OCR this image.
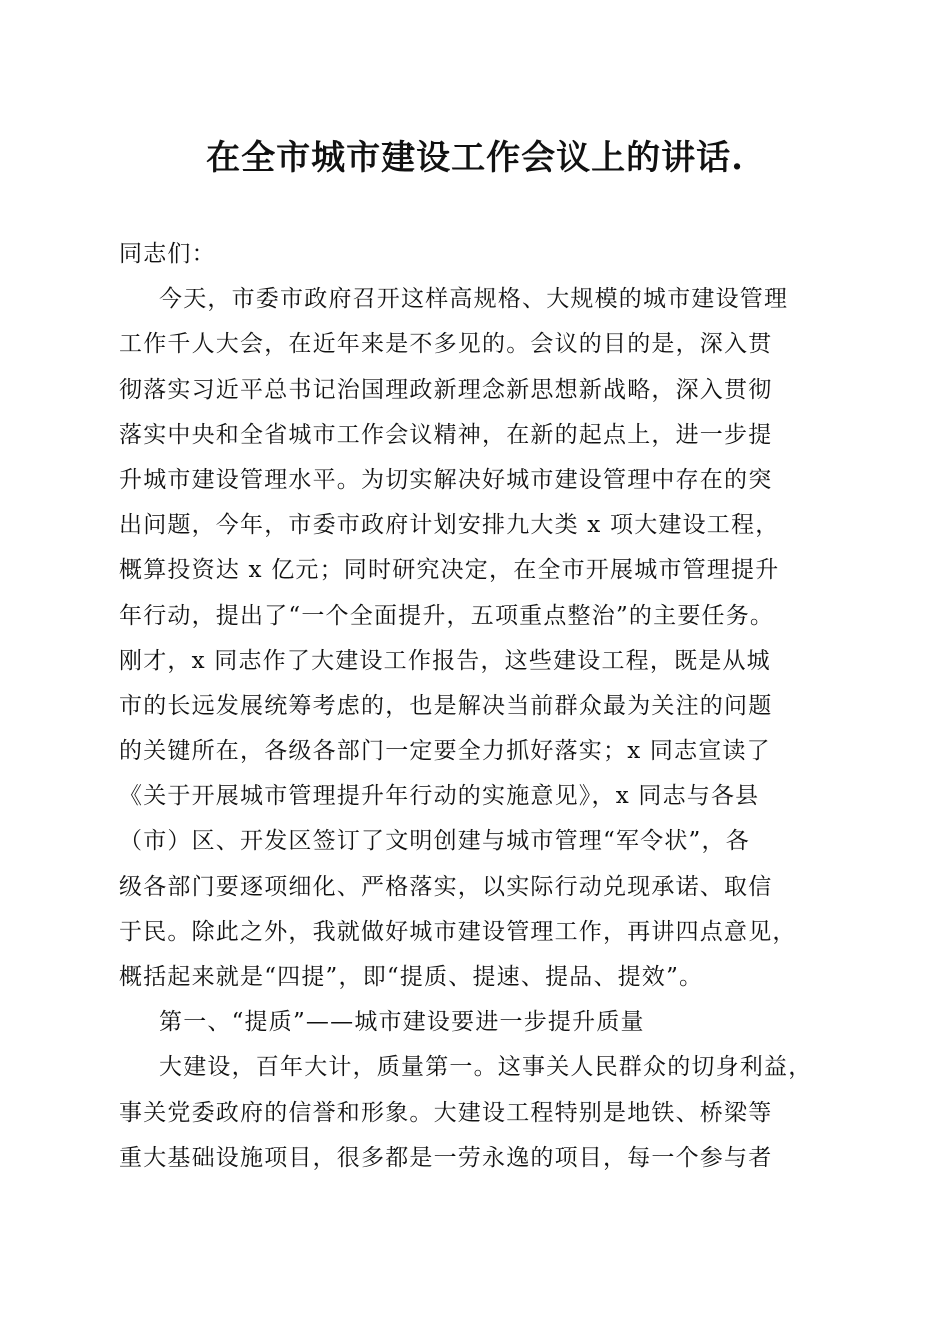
在全市城市建设工作会议上的讲话.
同志们：
今天，市委市政府召开这样高规格、大规模的城市建设管理
工作千人大会，在近年来是不多见的。会议的目的是，深入贯
彻落实习近平总书记治国理政新理念新思想新战略，深入贯彻
落实中央和全省城市工作会议精神，在新的起点上，进一步提
升城市建设管理水平。为切实解决好城市建设管理中存在的突
出问题，今年，市委市政府计划安排九大类 x 项大建设工程，
概算投资达 x 亿元；同时研究决定，在全市开展城市管理提升
年行动，提出了“一个全面提升，五项重点整治”的主要任务。
刚才，x 同志作了大建设工作报告，这些建设工程，既是从城
市的长远发展统筹考虑的，也是解决当前群众最为关注的问题
的关键所在，各级各部门一定要全力抓好落实；x 同志宣读了
《关于开展城市管理提升年行动的实施意见》，x 同志与各县
（市）区、开发区签订了文明创建与城市管理“军令状”，各
级各部门要逐项细化、严格落实，以实际行动兑现承诺、取信
于民。除此之外，我就做好城市建设管理工作，再讲四点意见，
概括起来就是“四提”，即“提质、提速、提品、提效”。
第一、“提质”——城市建设要进一步提升质量
大建设，百年大计，质量第一。这事关人民群众的切身利益，
事关党委政府的信誉和形象。大建设工程特别是地铁、桥梁等
重大基础设施项目，很多都是一劳永逸的项目，每一个参与者
